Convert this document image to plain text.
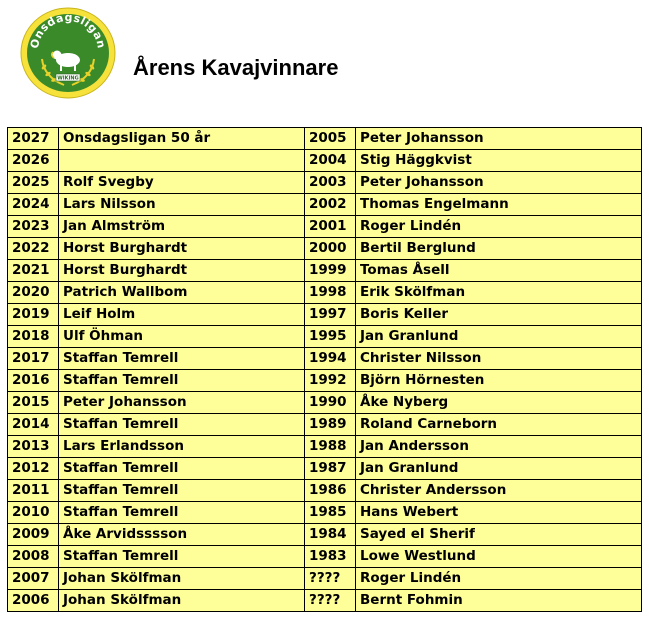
Onsdagsligan
WIKING Årens Kavajvinnare
2027	Onsdagsligan 50 år	2005	Peter Johansson
2026		2004	Stig Häggkvist
2025	Rolf Svegby	2003	Peter Johansson
2024	Lars Nilsson	2002	Thomas Engelmann
2023	Jan Almström	2001	Roger Lindén
2022	Horst Burghardt	2000	Bertil Berglund
2021	Horst Burghardt	1999	Tomas Åsell
2020	Patrich Wallbom	1998	Erik Skölfman
2019	Leif Holm	1997	Boris Keller
2018	Ulf Öhman	1995	Jan Granlund
2017	Staffan Temrell	1994	Christer Nilsson
2016	Staffan Temrell	1992	Björn Hörnesten
2015	Peter Johansson	1990	Åke Nyberg
2014	Staffan Temrell	1989	Roland Carneborn
2013	Lars Erlandsson	1988	Jan Andersson
2012	Staffan Temrell	1987	Jan Granlund
2011	Staffan Temrell	1986	Christer Andersson
2010	Staffan Temrell	1985	Hans Webert
2009	Åke Arvidsssson	1984	Sayed el Sherif
2008	Staffan Temrell	1983	Lowe Westlund
2007	Johan Skölfman	????	Roger Lindén
2006	Johan Skölfman	????	Bernt Fohmin
